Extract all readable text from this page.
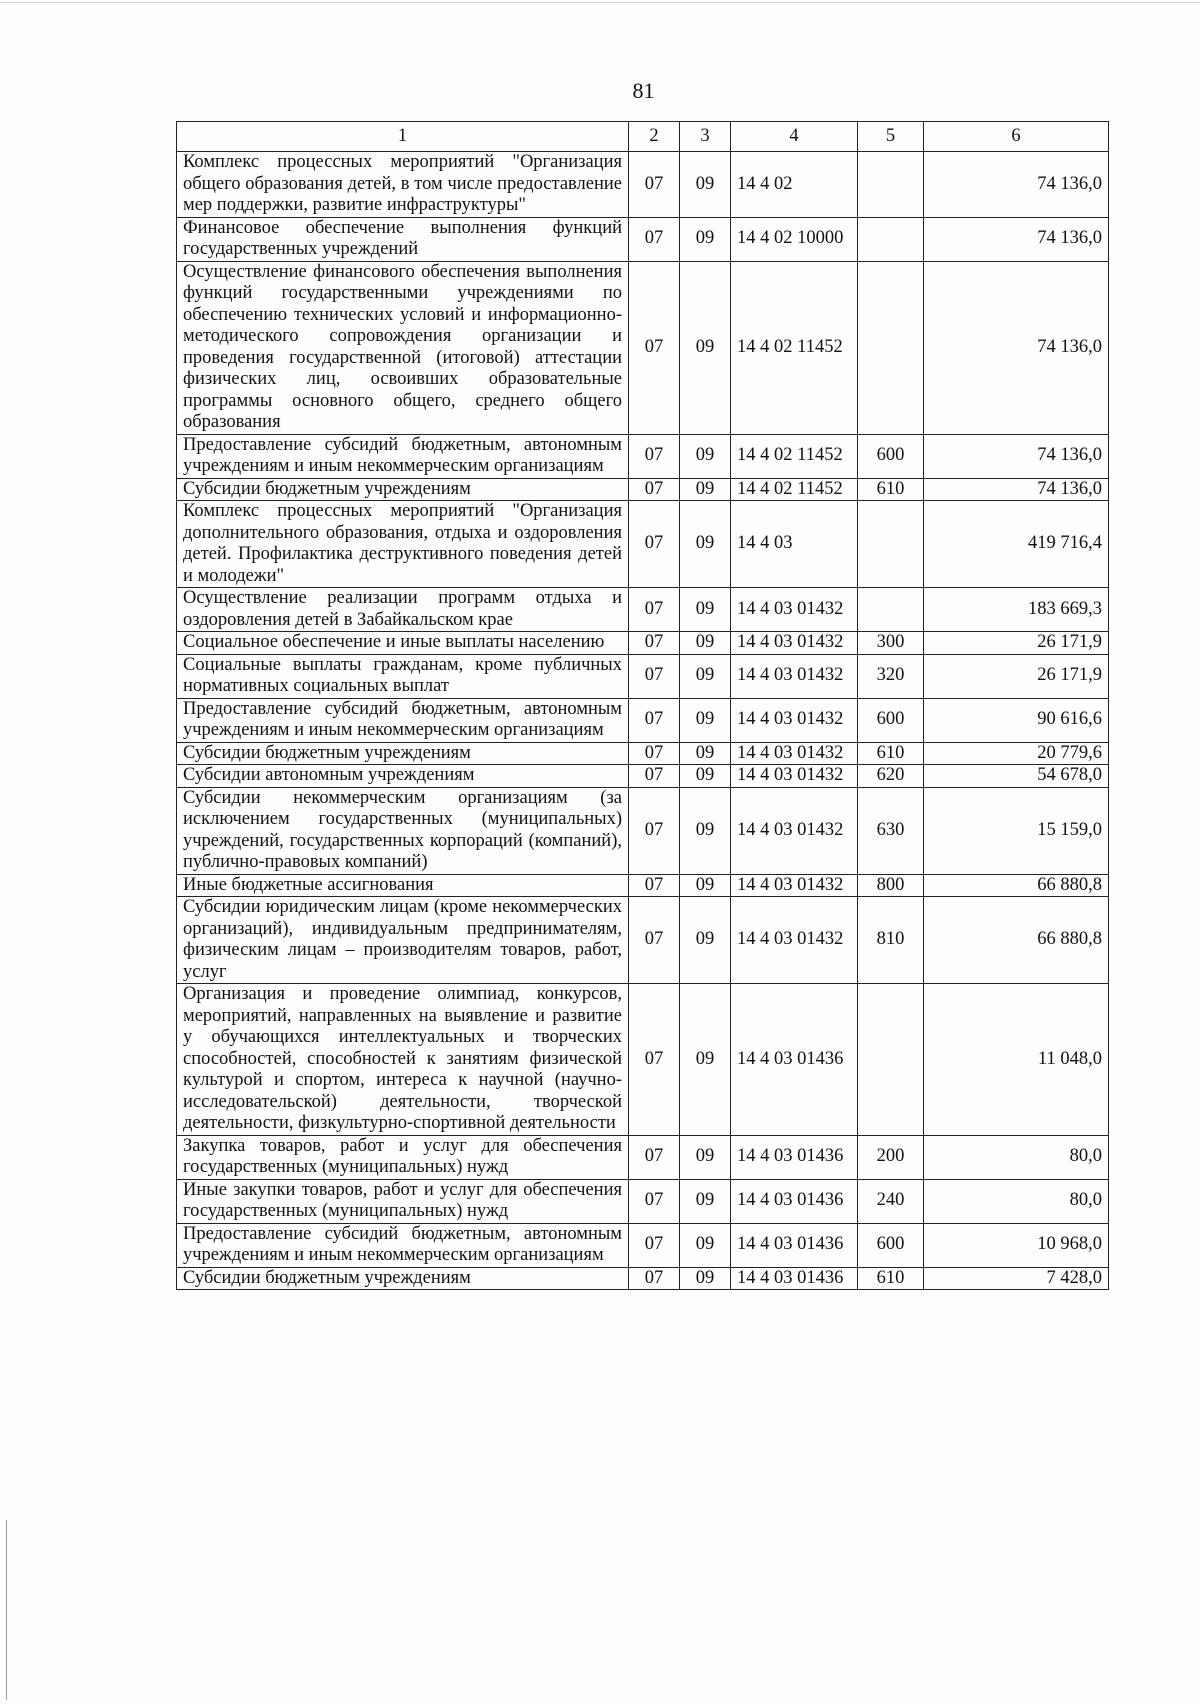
81
1	2	3	4	5	6
Комплекс процессных мероприятий "Организация общего образования детей, в том числе предоставление мер поддержки, развитие инфраструктуры"	07	09	14 4 02		74 136,0
Финансовое обеспечение выполнения функций государственных учреждений	07	09	14 4 02 10000		74 136,0
Осуществление финансового обеспечения выполнения функций государственными учреждениями по обеспечению технических условий и информационно-методического сопровождения организации и проведения государственной (итоговой) аттестации физических лиц, освоивших образовательные программы основного общего, среднего общего образования	07	09	14 4 02 11452		74 136,0
Предоставление субсидий бюджетным, автономным учреждениям и иным некоммерческим организациям	07	09	14 4 02 11452	600	74 136,0
Субсидии бюджетным учреждениям	07	09	14 4 02 11452	610	74 136,0
Комплекс процессных мероприятий "Организация дополнительного образования, отдыха и оздоровления детей. Профилактика деструктивного поведения детей и молодежи"	07	09	14 4 03		419 716,4
Осуществление реализации программ отдыха и оздоровления детей в Забайкальском крае	07	09	14 4 03 01432		183 669,3
Социальное обеспечение и иные выплаты населению	07	09	14 4 03 01432	300	26 171,9
Социальные выплаты гражданам, кроме публичных нормативных социальных выплат	07	09	14 4 03 01432	320	26 171,9
Предоставление субсидий бюджетным, автономным учреждениям и иным некоммерческим организациям	07	09	14 4 03 01432	600	90 616,6
Субсидии бюджетным учреждениям	07	09	14 4 03 01432	610	20 779,6
Субсидии автономным учреждениям	07	09	14 4 03 01432	620	54 678,0
Субсидии некоммерческим организациям (за исключением государственных (муниципальных) учреждений, государственных корпораций (компаний), публично-правовых компаний)	07	09	14 4 03 01432	630	15 159,0
Иные бюджетные ассигнования	07	09	14 4 03 01432	800	66 880,8
Субсидии юридическим лицам (кроме некоммерческих организаций), индивидуальным предпринимателям, физическим лицам – производителям товаров, работ, услуг	07	09	14 4 03 01432	810	66 880,8
Организация и проведение олимпиад, конкурсов, мероприятий, направленных на выявление и развитие у обучающихся интеллектуальных и творческих способностей, способностей к занятиям физической культурой и спортом, интереса к научной (научно-исследовательской) деятельности, творческой деятельности, физкультурно-спортивной деятельности	07	09	14 4 03 01436		11 048,0
Закупка товаров, работ и услуг для обеспечения государственных (муниципальных) нужд	07	09	14 4 03 01436	200	80,0
Иные закупки товаров, работ и услуг для обеспечения государственных (муниципальных) нужд	07	09	14 4 03 01436	240	80,0
Предоставление субсидий бюджетным, автономным учреждениям и иным некоммерческим организациям	07	09	14 4 03 01436	600	10 968,0
Субсидии бюджетным учреждениям	07	09	14 4 03 01436	610	7 428,0
